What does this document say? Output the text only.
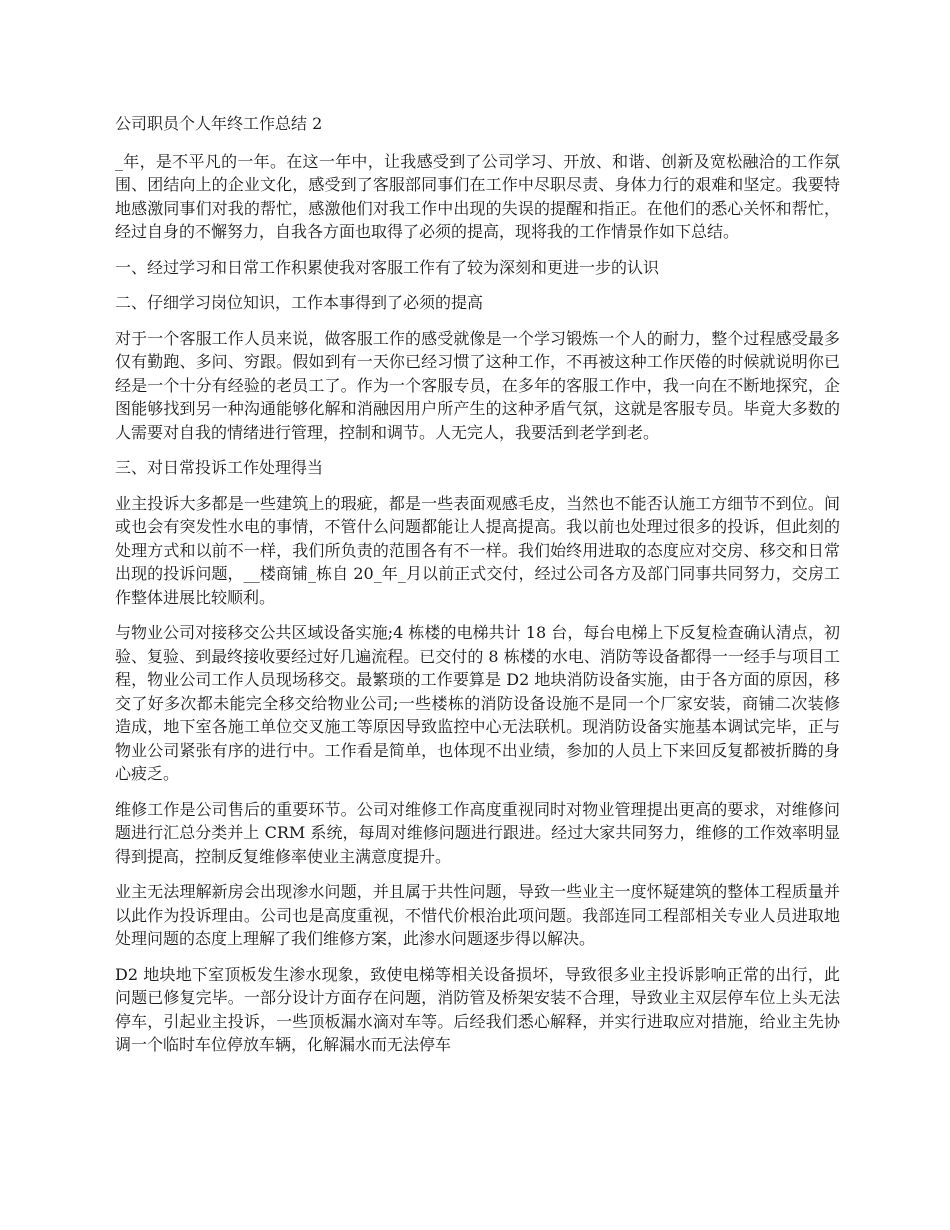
公司职员个人年终工作总结 2

_年，是不平凡的一年。在这一年中，让我感受到了公司学习、开放、和谐、创新及宽松融洽的工作氛围、团结向上的企业文化，感受到了客服部同事们在工作中尽职尽责、身体力行的艰难和坚定。我要特地感激同事们对我的帮忙，感激他们对我工作中出现的失误的提醒和指正。在他们的悉心关怀和帮忙，经过自身的不懈努力，自我各方面也取得了必须的提高，现将我的工作情景作如下总结。

一、经过学习和日常工作积累使我对客服工作有了较为深刻和更进一步的认识

二、仔细学习岗位知识，工作本事得到了必须的提高

对于一个客服工作人员来说，做客服工作的感受就像是一个学习锻炼一个人的耐力，整个过程感受最多仅有勤跑、多问、穷跟。假如到有一天你已经习惯了这种工作，不再被这种工作厌倦的时候就说明你已经是一个十分有经验的老员工了。作为一个客服专员，在多年的客服工作中，我一向在不断地探究，企图能够找到另一种沟通能够化解和消融因用户所产生的这种矛盾气氛，这就是客服专员。毕竟大多数的人需要对自我的情绪进行管理，控制和调节。人无完人，我要活到老学到老。

三、对日常投诉工作处理得当

业主投诉大多都是一些建筑上的瑕疵，都是一些表面观感毛皮，当然也不能否认施工方细节不到位。间或也会有突发性水电的事情，不管什么问题都能让人提高提高。我以前也处理过很多的投诉，但此刻的处理方式和以前不一样，我们所负责的范围各有不一样。我们始终用进取的态度应对交房、移交和日常出现的投诉问题，__楼商铺_栋自 20_年_月以前正式交付，经过公司各方及部门同事共同努力，交房工作整体进展比较顺利。

与物业公司对接移交公共区域设备实施;4 栋楼的电梯共计 18 台，每台电梯上下反复检查确认清点，初验、复验、到最终接收要经过好几遍流程。已交付的 8 栋楼的水电、消防等设备都得一一经手与项目工程，物业公司工作人员现场移交。最繁琐的工作要算是 D2 地块消防设备实施，由于各方面的原因，移交了好多次都未能完全移交给物业公司;一些楼栋的消防设备设施不是同一个厂家安装，商铺二次装修造成，地下室各施工单位交叉施工等原因导致监控中心无法联机。现消防设备实施基本调试完毕，正与物业公司紧张有序的进行中。工作看是简单，也体现不出业绩，参加的人员上下来回反复都被折腾的身心疲乏。

维修工作是公司售后的重要环节。公司对维修工作高度重视同时对物业管理提出更高的要求，对维修问题进行汇总分类并上 CRM 系统，每周对维修问题进行跟进。经过大家共同努力，维修的工作效率明显得到提高，控制反复维修率使业主满意度提升。

业主无法理解新房会出现渗水问题，并且属于共性问题，导致一些业主一度怀疑建筑的整体工程质量并以此作为投诉理由。公司也是高度重视，不惜代价根治此项问题。我部连同工程部相关专业人员进取地处理问题的态度上理解了我们维修方案，此渗水问题逐步得以解决。

D2 地块地下室顶板发生渗水现象，致使电梯等相关设备损坏，导致很多业主投诉影响正常的出行，此问题已修复完毕。一部分设计方面存在问题，消防管及桥架安装不合理，导致业主双层停车位上头无法停车，引起业主投诉，一些顶板漏水滴对车等。后经我们悉心解释，并实行进取应对措施，给业主先协调一个临时车位停放车辆，化解漏水而无法停车
